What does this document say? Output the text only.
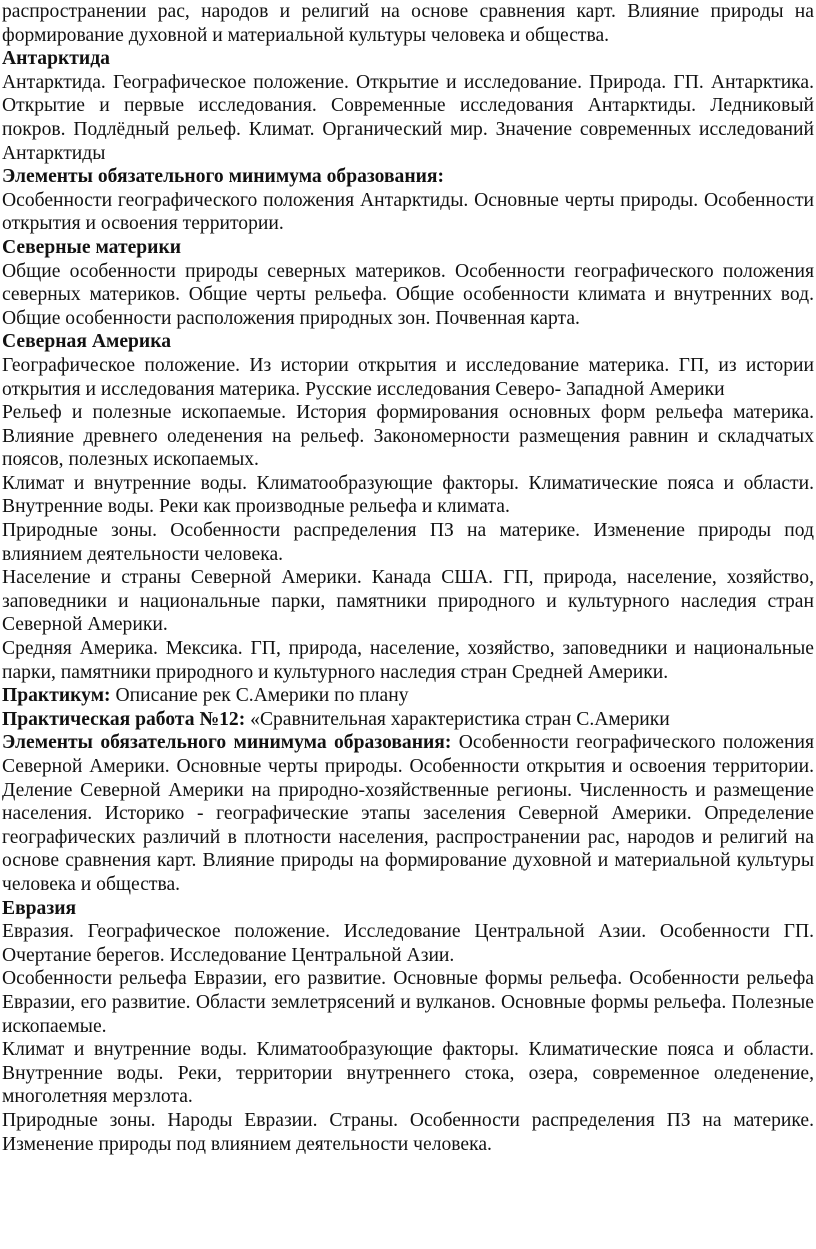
распространении рас, народов и религий на основе сравнения карт. Влияние природы на формирование духовной и материальной культуры человека и общества.

Антарктида

Антарктида. Географическое положение. Открытие и исследование. Природа. ГП. Антарктика. Открытие и первые исследования. Современные исследования Антарктиды. Ледниковый покров. Подлёдный рельеф. Климат. Органический мир. Значение современных исследований Антарктиды

Элементы обязательного минимума образования:

Особенности географического положения Антарктиды. Основные черты природы. Особенности открытия и освоения территории.

Северные материки

Общие особенности природы северных материков. Особенности географического положения северных материков. Общие черты рельефа. Общие особенности климата и внутренних вод. Общие особенности расположения природных зон. Почвенная карта.

Северная Америка

Географическое положение. Из истории открытия и исследование материка. ГП, из истории открытия и исследования материка. Русские исследования Северо- Западной Америки

Рельеф и полезные ископаемые. История формирования основных форм рельефа материка. Влияние древнего оледенения на рельеф. Закономерности размещения равнин и складчатых поясов, полезных ископаемых.

Климат и внутренние воды. Климатообразующие факторы. Климатические пояса и области. Внутренние воды. Реки как производные рельефа и климата.

Природные зоны. Особенности распределения ПЗ на материке. Изменение природы под влиянием деятельности человека.

Население и страны Северной Америки. Канада США. ГП, природа, население, хозяйство, заповедники и национальные парки, памятники природного и культурного наследия стран Северной Америки.

Средняя Америка. Мексика. ГП, природа, население, хозяйство, заповедники и национальные парки, памятники природного и культурного наследия стран Средней Америки.

Практикум: Описание рек С.Америки по плану

Практическая работа №12: «Сравнительная характеристика стран С.Америки

Элементы обязательного минимума образования: Особенности географического положения Северной Америки. Основные черты природы. Особенности открытия и освоения территории. Деление Северной Америки на природно-хозяйственные регионы. Численность и размещение населения. Историко - географические этапы заселения Северной Америки. Определение географических различий в плотности населения, распространении рас, народов и религий на основе сравнения карт. Влияние природы на формирование духовной и материальной культуры человека и общества.

Евразия

Евразия. Географическое положение. Исследование Центральной Азии. Особенности ГП. Очертание берегов. Исследование Центральной Азии.

Особенности рельефа Евразии, его развитие. Основные формы рельефа. Особенности рельефа Евразии, его развитие. Области землетрясений и вулканов. Основные формы рельефа. Полезные ископаемые.

Климат и внутренние воды. Климатообразующие факторы. Климатические пояса и области. Внутренние воды. Реки, территории внутреннего стока, озера, современное оледенение, многолетняя мерзлота.

Природные зоны. Народы Евразии. Страны. Особенности распределения ПЗ на материке. Изменение природы под влиянием деятельности человека.
